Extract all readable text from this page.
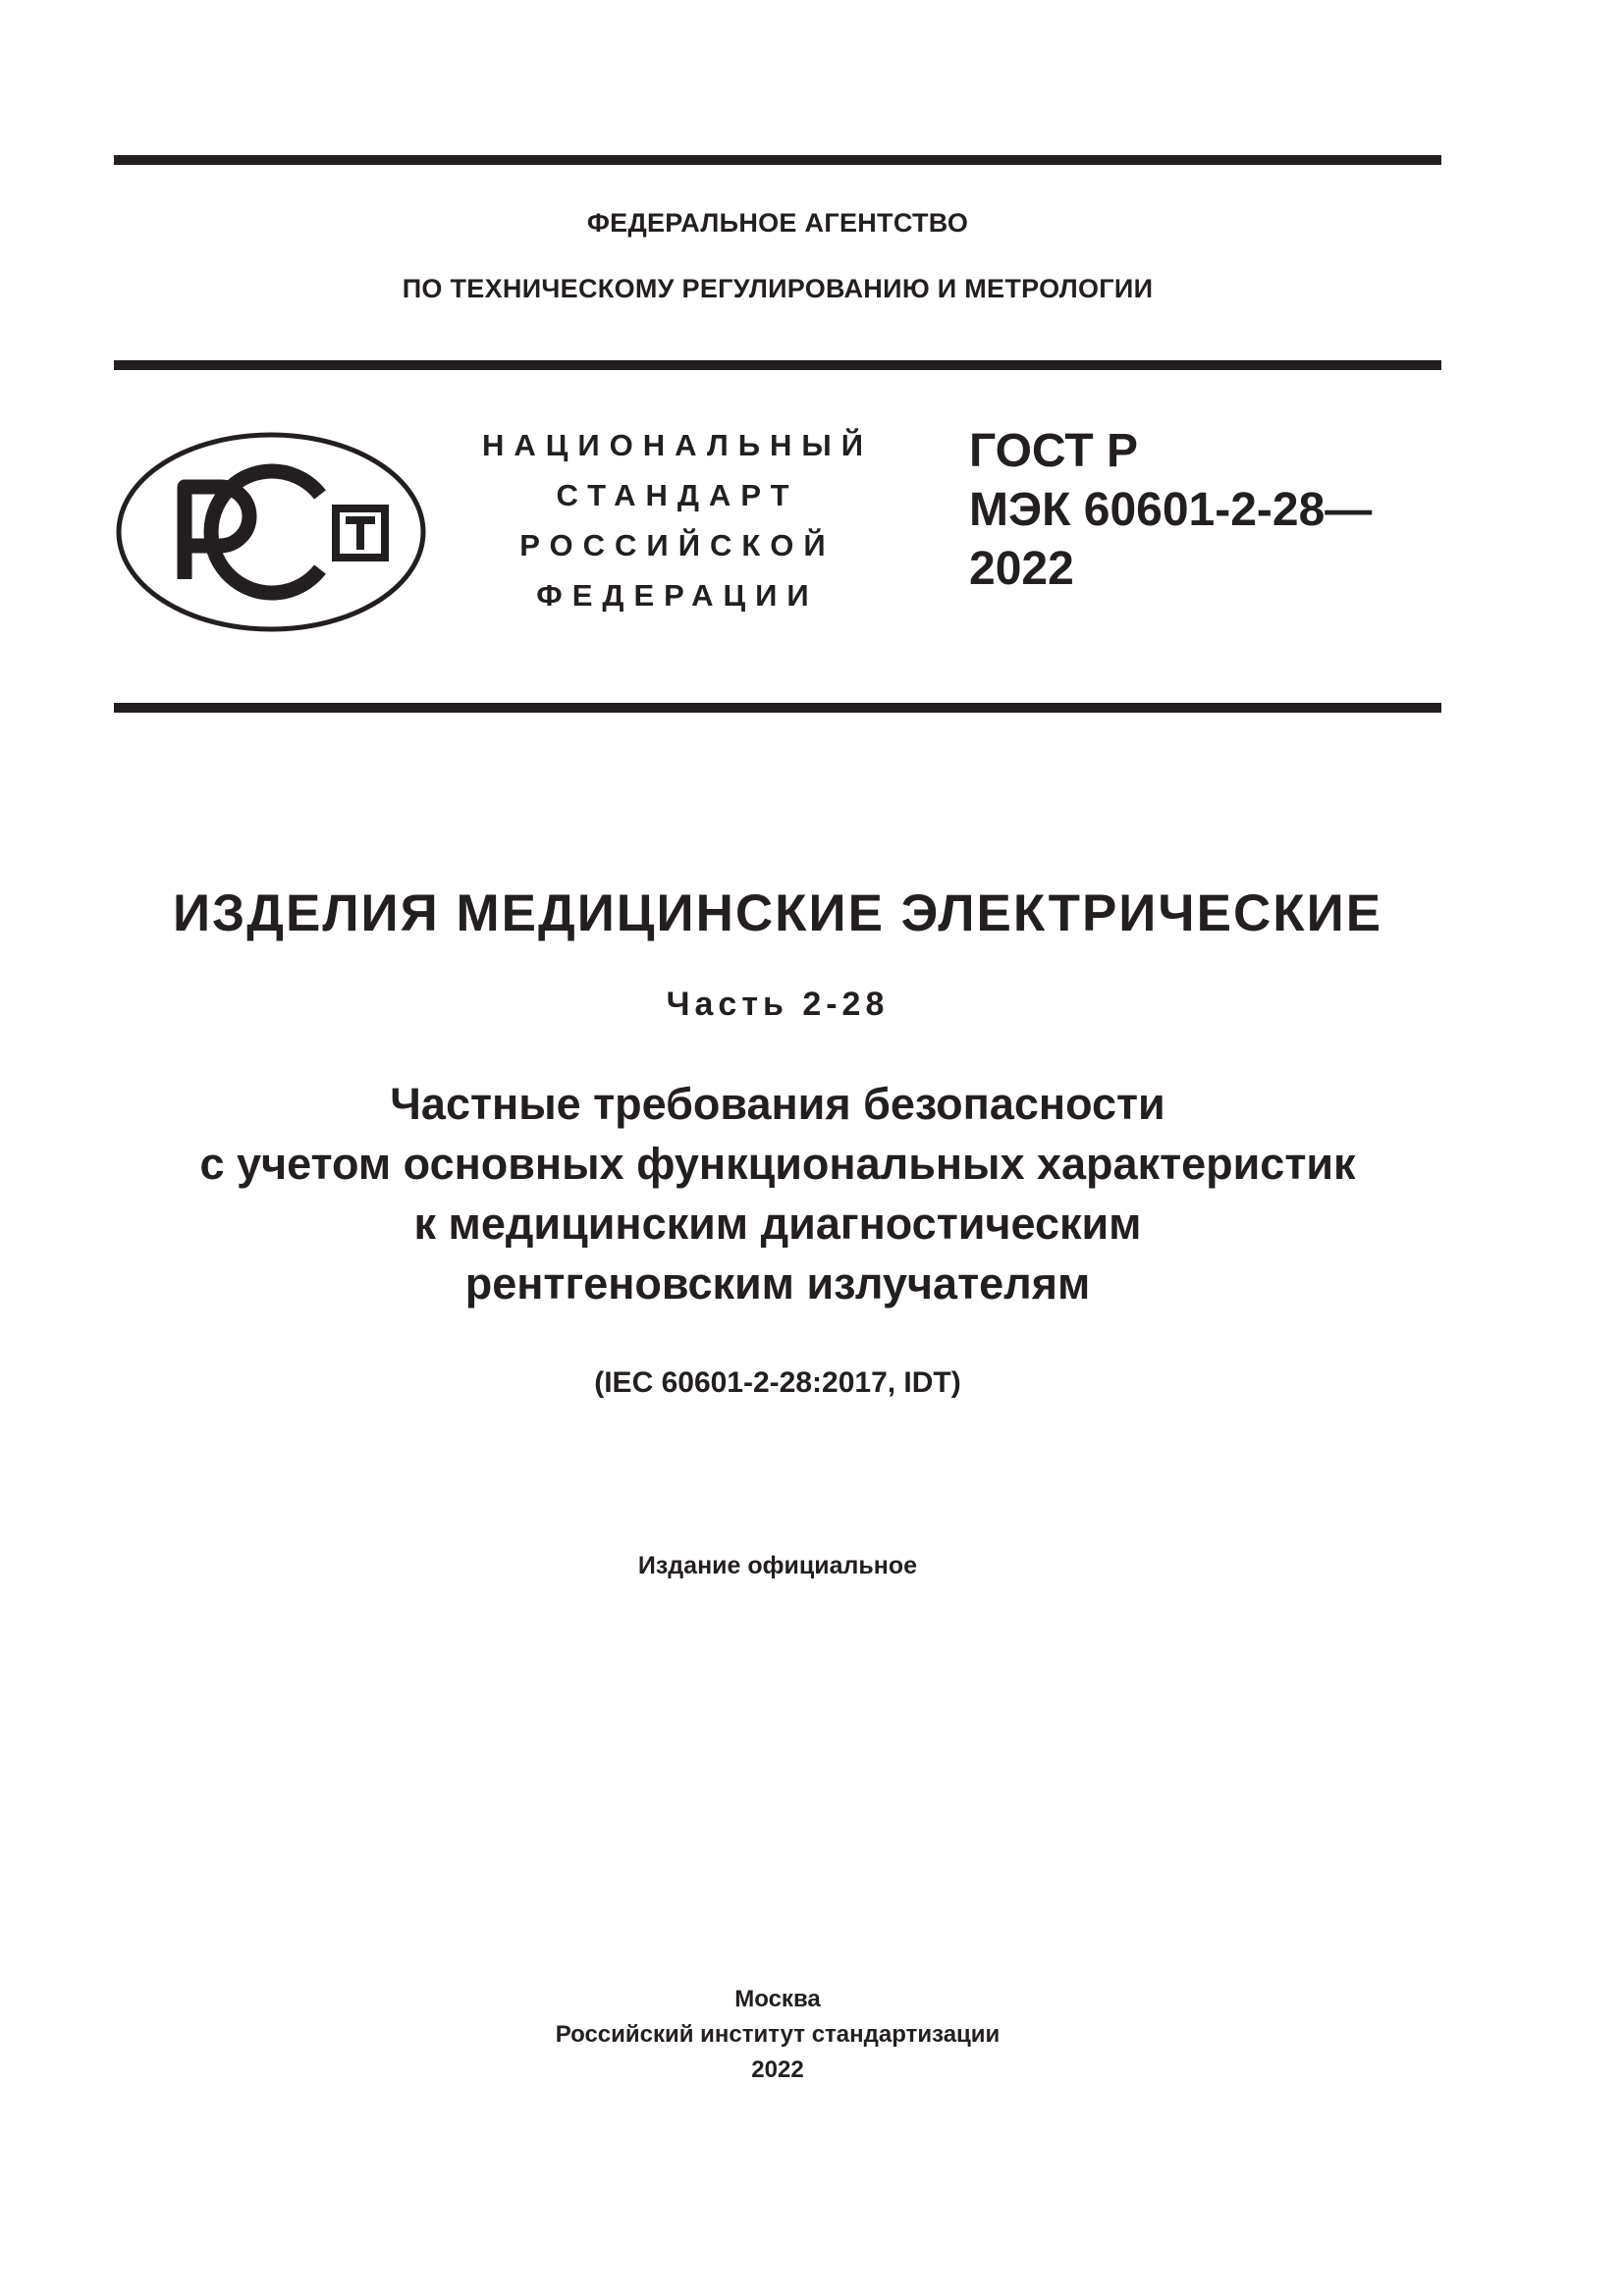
ФЕДЕРАЛЬНОЕ АГЕНТСТВО
ПО ТЕХНИЧЕСКОМУ РЕГУЛИРОВАНИЮ И МЕТРОЛОГИИ
НАЦИОНАЛЬНЫЙ
СТАНДАРТ
РОССИЙСКОЙ
ФЕДЕРАЦИИ
ГОСТ Р
МЭК 60601-2-28—
2022
ИЗДЕЛИЯ МЕДИЦИНСКИЕ ЭЛЕКТРИЧЕСКИЕ
Часть 2-28
Частные требования безопасности
с учетом основных функциональных характеристик
к медицинским диагностическим
рентгеновским излучателям
(IEC 60601-2-28:2017, IDT)
Издание официальное
Москва
Российский институт стандартизации
2022
